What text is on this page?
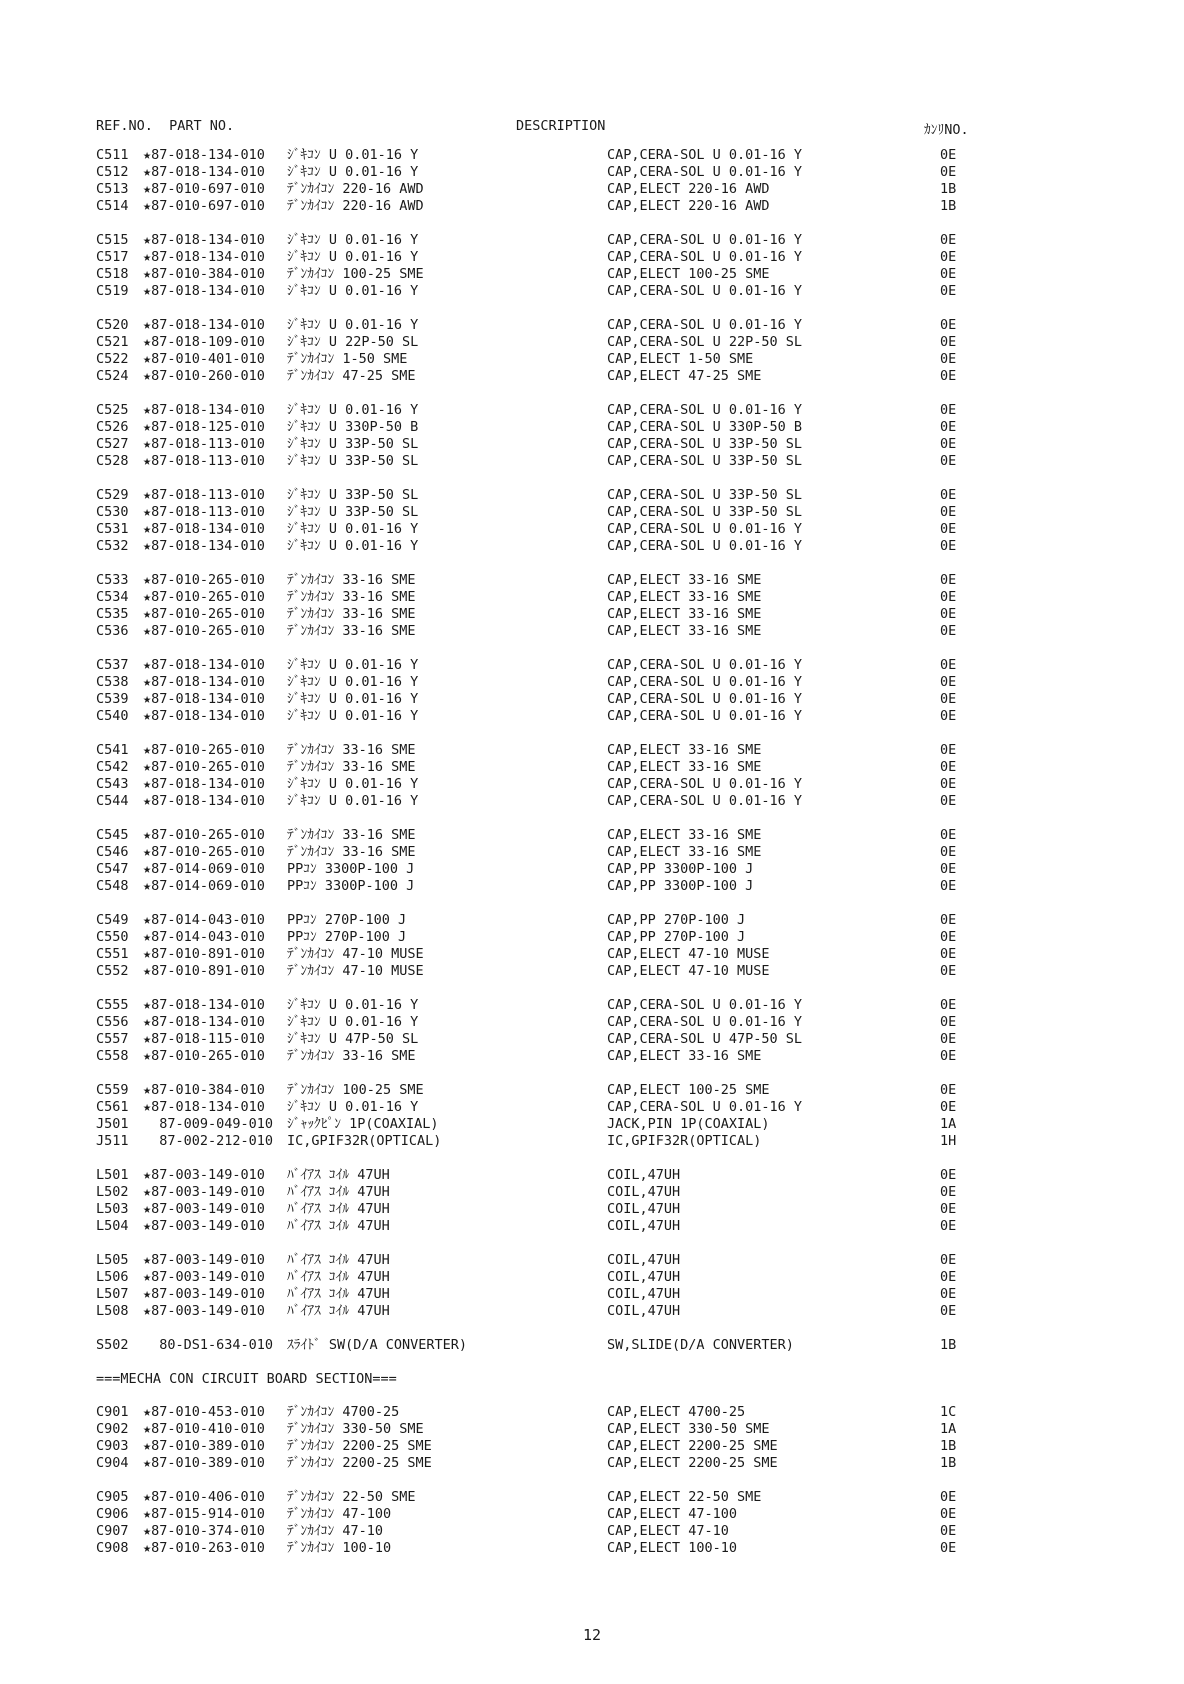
REF.NO.  PART NO.	DESCRIPTION	ｶﾝﾘNO.
C511 ★87-018-134-010 ｼﾞｷｺﾝ U 0.01-16 Y	CAP,CERA-SOL U 0.01-16 Y	0E
C512 ★87-018-134-010 ｼﾞｷｺﾝ U 0.01-16 Y	CAP,CERA-SOL U 0.01-16 Y	0E
C513 ★87-010-697-010 ﾃﾞﾝｶｲｺﾝ 220-16 AWD	CAP,ELECT 220-16 AWD	1B
C514 ★87-010-697-010 ﾃﾞﾝｶｲｺﾝ 220-16 AWD	CAP,ELECT 220-16 AWD	1B
C515 ★87-018-134-010 ｼﾞｷｺﾝ U 0.01-16 Y	CAP,CERA-SOL U 0.01-16 Y	0E
C517 ★87-018-134-010 ｼﾞｷｺﾝ U 0.01-16 Y	CAP,CERA-SOL U 0.01-16 Y	0E
C518 ★87-010-384-010 ﾃﾞﾝｶｲｺﾝ 100-25 SME	CAP,ELECT 100-25 SME	0E
C519 ★87-018-134-010 ｼﾞｷｺﾝ U 0.01-16 Y	CAP,CERA-SOL U 0.01-16 Y	0E
C520 ★87-018-134-010 ｼﾞｷｺﾝ U 0.01-16 Y	CAP,CERA-SOL U 0.01-16 Y	0E
C521 ★87-018-109-010 ｼﾞｷｺﾝ U 22P-50 SL	CAP,CERA-SOL U 22P-50 SL	0E
C522 ★87-010-401-010 ﾃﾞﾝｶｲｺﾝ 1-50 SME	CAP,ELECT 1-50 SME	0E
C524 ★87-010-260-010 ﾃﾞﾝｶｲｺﾝ 47-25 SME	CAP,ELECT 47-25 SME	0E
C525 ★87-018-134-010 ｼﾞｷｺﾝ U 0.01-16 Y	CAP,CERA-SOL U 0.01-16 Y	0E
C526 ★87-018-125-010 ｼﾞｷｺﾝ U 330P-50 B	CAP,CERA-SOL U 330P-50 B	0E
C527 ★87-018-113-010 ｼﾞｷｺﾝ U 33P-50 SL	CAP,CERA-SOL U 33P-50 SL	0E
C528 ★87-018-113-010 ｼﾞｷｺﾝ U 33P-50 SL	CAP,CERA-SOL U 33P-50 SL	0E
C529 ★87-018-113-010 ｼﾞｷｺﾝ U 33P-50 SL	CAP,CERA-SOL U 33P-50 SL	0E
C530 ★87-018-113-010 ｼﾞｷｺﾝ U 33P-50 SL	CAP,CERA-SOL U 33P-50 SL	0E
C531 ★87-018-134-010 ｼﾞｷｺﾝ U 0.01-16 Y	CAP,CERA-SOL U 0.01-16 Y	0E
C532 ★87-018-134-010 ｼﾞｷｺﾝ U 0.01-16 Y	CAP,CERA-SOL U 0.01-16 Y	0E
C533 ★87-010-265-010 ﾃﾞﾝｶｲｺﾝ 33-16 SME	CAP,ELECT 33-16 SME	0E
C534 ★87-010-265-010 ﾃﾞﾝｶｲｺﾝ 33-16 SME	CAP,ELECT 33-16 SME	0E
C535 ★87-010-265-010 ﾃﾞﾝｶｲｺﾝ 33-16 SME	CAP,ELECT 33-16 SME	0E
C536 ★87-010-265-010 ﾃﾞﾝｶｲｺﾝ 33-16 SME	CAP,ELECT 33-16 SME	0E
C537 ★87-018-134-010 ｼﾞｷｺﾝ U 0.01-16 Y	CAP,CERA-SOL U 0.01-16 Y	0E
C538 ★87-018-134-010 ｼﾞｷｺﾝ U 0.01-16 Y	CAP,CERA-SOL U 0.01-16 Y	0E
C539 ★87-018-134-010 ｼﾞｷｺﾝ U 0.01-16 Y	CAP,CERA-SOL U 0.01-16 Y	0E
C540 ★87-018-134-010 ｼﾞｷｺﾝ U 0.01-16 Y	CAP,CERA-SOL U 0.01-16 Y	0E
C541 ★87-010-265-010 ﾃﾞﾝｶｲｺﾝ 33-16 SME	CAP,ELECT 33-16 SME	0E
C542 ★87-010-265-010 ﾃﾞﾝｶｲｺﾝ 33-16 SME	CAP,ELECT 33-16 SME	0E
C543 ★87-018-134-010 ｼﾞｷｺﾝ U 0.01-16 Y	CAP,CERA-SOL U 0.01-16 Y	0E
C544 ★87-018-134-010 ｼﾞｷｺﾝ U 0.01-16 Y	CAP,CERA-SOL U 0.01-16 Y	0E
C545 ★87-010-265-010 ﾃﾞﾝｶｲｺﾝ 33-16 SME	CAP,ELECT 33-16 SME	0E
C546 ★87-010-265-010 ﾃﾞﾝｶｲｺﾝ 33-16 SME	CAP,ELECT 33-16 SME	0E
C547 ★87-014-069-010 PPｺﾝ 3300P-100 J	CAP,PP 3300P-100 J	0E
C548 ★87-014-069-010 PPｺﾝ 3300P-100 J	CAP,PP 3300P-100 J	0E
C549 ★87-014-043-010 PPｺﾝ 270P-100 J	CAP,PP 270P-100 J	0E
C550 ★87-014-043-010 PPｺﾝ 270P-100 J	CAP,PP 270P-100 J	0E
C551 ★87-010-891-010 ﾃﾞﾝｶｲｺﾝ 47-10 MUSE	CAP,ELECT 47-10 MUSE	0E
C552 ★87-010-891-010 ﾃﾞﾝｶｲｺﾝ 47-10 MUSE	CAP,ELECT 47-10 MUSE	0E
C555 ★87-018-134-010 ｼﾞｷｺﾝ U 0.01-16 Y	CAP,CERA-SOL U 0.01-16 Y	0E
C556 ★87-018-134-010 ｼﾞｷｺﾝ U 0.01-16 Y	CAP,CERA-SOL U 0.01-16 Y	0E
C557 ★87-018-115-010 ｼﾞｷｺﾝ U 47P-50 SL	CAP,CERA-SOL U 47P-50 SL	0E
C558 ★87-010-265-010 ﾃﾞﾝｶｲｺﾝ 33-16 SME	CAP,ELECT 33-16 SME	0E
C559 ★87-010-384-010 ﾃﾞﾝｶｲｺﾝ 100-25 SME	CAP,ELECT 100-25 SME	0E
C561 ★87-018-134-010 ｼﾞｷｺﾝ U 0.01-16 Y	CAP,CERA-SOL U 0.01-16 Y	0E
J501 87-009-049-010 ｼﾞｬｯｸﾋﾟﾝ 1P(COAXIAL)	JACK,PIN 1P(COAXIAL)	1A
J511 87-002-212-010 IC,GPIF32R(OPTICAL)	IC,GPIF32R(OPTICAL)	1H
L501 ★87-003-149-010 ﾊﾞｲｱｽ ｺｲﾙ 47UH	COIL,47UH	0E
L502 ★87-003-149-010 ﾊﾞｲｱｽ ｺｲﾙ 47UH	COIL,47UH	0E
L503 ★87-003-149-010 ﾊﾞｲｱｽ ｺｲﾙ 47UH	COIL,47UH	0E
L504 ★87-003-149-010 ﾊﾞｲｱｽ ｺｲﾙ 47UH	COIL,47UH	0E
L505 ★87-003-149-010 ﾊﾞｲｱｽ ｺｲﾙ 47UH	COIL,47UH	0E
L506 ★87-003-149-010 ﾊﾞｲｱｽ ｺｲﾙ 47UH	COIL,47UH	0E
L507 ★87-003-149-010 ﾊﾞｲｱｽ ｺｲﾙ 47UH	COIL,47UH	0E
L508 ★87-003-149-010 ﾊﾞｲｱｽ ｺｲﾙ 47UH	COIL,47UH	0E
S502 80-DS1-634-010 ｽﾗｲﾄﾞ SW(D/A CONVERTER)	SW,SLIDE(D/A CONVERTER)	1B
===MECHA CON CIRCUIT BOARD SECTION===
C901 ★87-010-453-010 ﾃﾞﾝｶｲｺﾝ 4700-25	CAP,ELECT 4700-25	1C
C902 ★87-010-410-010 ﾃﾞﾝｶｲｺﾝ 330-50 SME	CAP,ELECT 330-50 SME	1A
C903 ★87-010-389-010 ﾃﾞﾝｶｲｺﾝ 2200-25 SME	CAP,ELECT 2200-25 SME	1B
C904 ★87-010-389-010 ﾃﾞﾝｶｲｺﾝ 2200-25 SME	CAP,ELECT 2200-25 SME	1B
C905 ★87-010-406-010 ﾃﾞﾝｶｲｺﾝ 22-50 SME	CAP,ELECT 22-50 SME	0E
C906 ★87-015-914-010 ﾃﾞﾝｶｲｺﾝ 47-100	CAP,ELECT 47-100	0E
C907 ★87-010-374-010 ﾃﾞﾝｶｲｺﾝ 47-10	CAP,ELECT 47-10	0E
C908 ★87-010-263-010 ﾃﾞﾝｶｲｺﾝ 100-10	CAP,ELECT 100-10	0E
12
